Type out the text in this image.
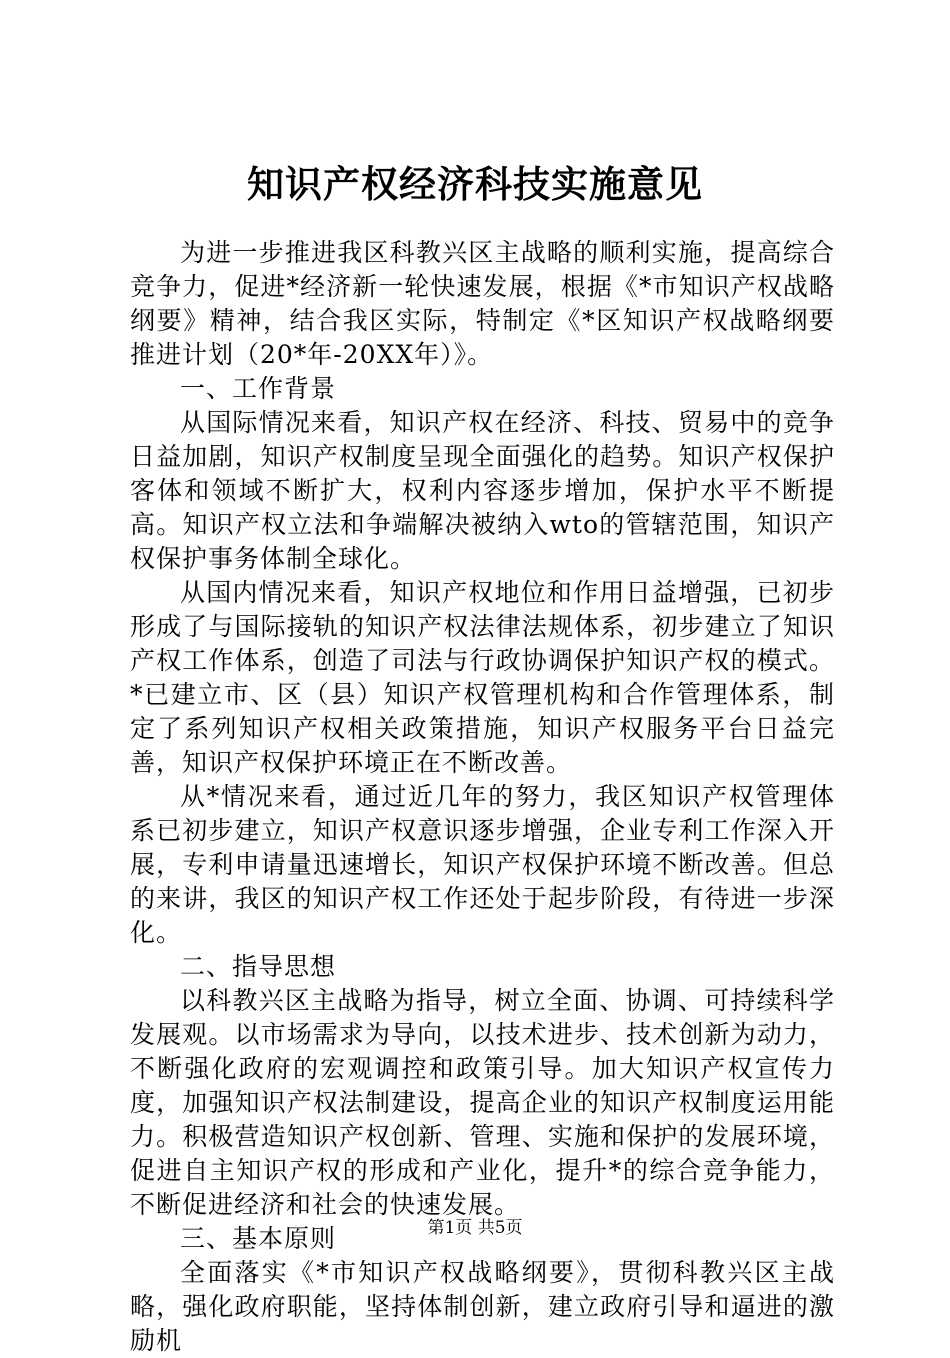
知识产权经济科技实施意见

为进一步推进我区科教兴区主战略的顺利实施，提高综合竞争力，促进*经济新一轮快速发展，根据《*市知识产权战略纲要》精神，结合我区实际，特制定《*区知识产权战略纲要推进计划（20*年-20XX年）》。

一、工作背景

从国际情况来看，知识产权在经济、科技、贸易中的竞争日益加剧，知识产权制度呈现全面强化的趋势。知识产权保护客体和领域不断扩大，权利内容逐步增加，保护水平不断提高。知识产权立法和争端解决被纳入wto的管辖范围，知识产权保护事务体制全球化。

从国内情况来看，知识产权地位和作用日益增强，已初步形成了与国际接轨的知识产权法律法规体系，初步建立了知识产权工作体系，创造了司法与行政协调保护知识产权的模式。*已建立市、区（县）知识产权管理机构和合作管理体系，制定了系列知识产权相关政策措施，知识产权服务平台日益完善，知识产权保护环境正在不断改善。

从*情况来看，通过近几年的努力，我区知识产权管理体系已初步建立，知识产权意识逐步增强，企业专利工作深入开展，专利申请量迅速增长，知识产权保护环境不断改善。但总的来讲，我区的知识产权工作还处于起步阶段，有待进一步深化。

二、指导思想

以科教兴区主战略为指导，树立全面、协调、可持续科学发展观。以市场需求为导向，以技术进步、技术创新为动力，不断强化政府的宏观调控和政策引导。加大知识产权宣传力度，加强知识产权法制建设，提高企业的知识产权制度运用能力。积极营造知识产权创新、管理、实施和保护的发展环境，促进自主知识产权的形成和产业化，提升*的综合竞争能力，不断促进经济和社会的快速发展。

三、基本原则

全面落实《*市知识产权战略纲要》，贯彻科教兴区主战略，强化政府职能，坚持体制创新，建立政府引导和逼进的激励机

第1页 共5页
